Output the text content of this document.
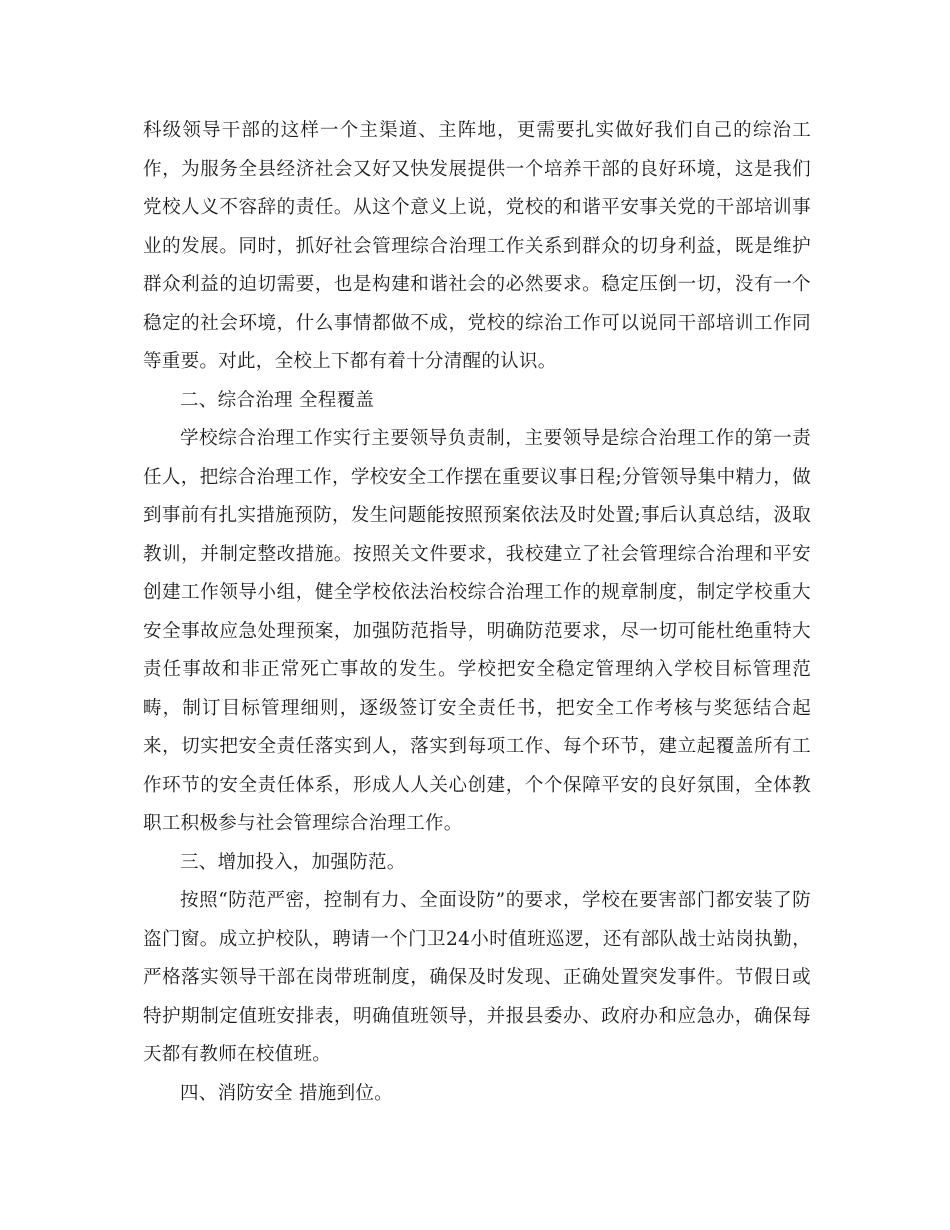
科级领导干部的这样一个主渠道、主阵地，更需要扎实做好我们自己的综治工作，为服务全县经济社会又好又快发展提供一个培养干部的良好环境，这是我们党校人义不容辞的责任。从这个意义上说，党校的和谐平安事关党的干部培训事业的发展。同时，抓好社会管理综合治理工作关系到群众的切身利益，既是维护群众利益的迫切需要，也是构建和谐社会的必然要求。稳定压倒一切，没有一个稳定的社会环境，什么事情都做不成，党校的综治工作可以说同干部培训工作同等重要。对此，全校上下都有着十分清醒的认识。

二、综合治理 全程覆盖

学校综合治理工作实行主要领导负责制，主要领导是综合治理工作的第一责任人，把综合治理工作，学校安全工作摆在重要议事日程;分管领导集中精力，做到事前有扎实措施预防，发生问题能按照预案依法及时处置;事后认真总结，汲取教训，并制定整改措施。按照关文件要求，我校建立了社会管理综合治理和平安创建工作领导小组，健全学校依法治校综合治理工作的规章制度，制定学校重大安全事故应急处理预案，加强防范指导，明确防范要求，尽一切可能杜绝重特大责任事故和非正常死亡事故的发生。学校把安全稳定管理纳入学校目标管理范畴，制订目标管理细则，逐级签订安全责任书，把安全工作考核与奖惩结合起来，切实把安全责任落实到人，落实到每项工作、每个环节，建立起覆盖所有工作环节的安全责任体系，形成人人关心创建，个个保障平安的良好氛围，全体教职工积极参与社会管理综合治理工作。

三、增加投入，加强防范。

按照“防范严密，控制有力、全面设防”的要求，学校在要害部门都安装了防盗门窗。成立护校队，聘请一个门卫24小时值班巡逻，还有部队战士站岗执勤，严格落实领导干部在岗带班制度，确保及时发现、正确处置突发事件。节假日或特护期制定值班安排表，明确值班领导，并报县委办、政府办和应急办，确保每天都有教师在校值班。

四、消防安全 措施到位。
